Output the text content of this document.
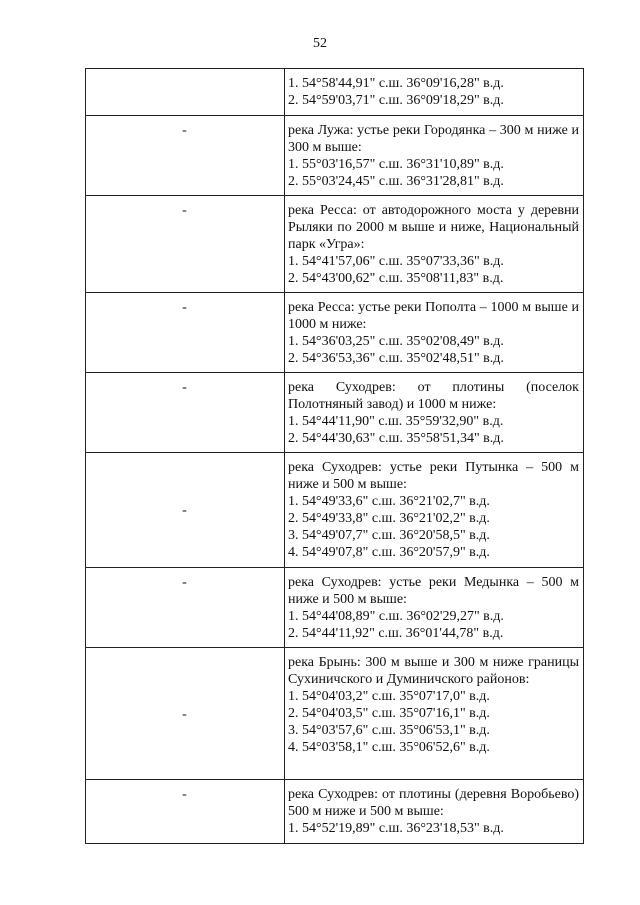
52

	1. 54°58'44,91" с.ш. 36°09'16,28" в.д.
2. 54°59'03,71" с.ш. 36°09'18,29" в.д.

-	река Лужа: устье реки Городянка – 300 м ниже и 300 м выше:
1. 55°03'16,57" с.ш. 36°31'10,89" в.д.
2. 55°03'24,45" с.ш. 36°31'28,81" в.д.

-	река Ресса: от автодорожного моста у деревни Рыляки по 2000 м выше и ниже, Национальный парк «Угра»:
1. 54°41'57,06" с.ш. 35°07'33,36" в.д.
2. 54°43'00,62" с.ш. 35°08'11,83" в.д.

-	река Ресса: устье реки Пополта – 1000 м выше и 1000 м ниже:
1. 54°36'03,25" с.ш. 35°02'08,49" в.д.
2. 54°36'53,36" с.ш. 35°02'48,51" в.д.

-	река Суходрев: от плотины (поселок Полотняный завод) и 1000 м ниже:
1. 54°44'11,90" с.ш. 35°59'32,90" в.д.
2. 54°44'30,63" с.ш. 35°58'51,34" в.д.

-	река Суходрев: устье реки Путынка – 500 м ниже и 500 м выше:
1. 54°49'33,6" с.ш. 36°21'02,7" в.д.
2. 54°49'33,8" с.ш. 36°21'02,2" в.д.
3. 54°49'07,7" с.ш. 36°20'58,5" в.д.
4. 54°49'07,8" с.ш. 36°20'57,9" в.д.

-	река Суходрев: устье реки Медынка – 500 м ниже и 500 м выше:
1. 54°44'08,89" с.ш. 36°02'29,27" в.д.
2. 54°44'11,92" с.ш. 36°01'44,78" в.д.

-	река Брынь: 300 м выше и 300 м ниже границы Сухиничского и Думиничского районов:
1. 54°04'03,2" с.ш. 35°07'17,0" в.д.
2. 54°04'03,5" с.ш. 35°07'16,1" в.д.
3. 54°03'57,6" с.ш. 35°06'53,1" в.д.
4. 54°03'58,1" с.ш. 35°06'52,6" в.д.

-	река Суходрев: от плотины (деревня Воробьево) 500 м ниже и 500 м выше:
1. 54°52'19,89" с.ш. 36°23'18,53" в.д.
